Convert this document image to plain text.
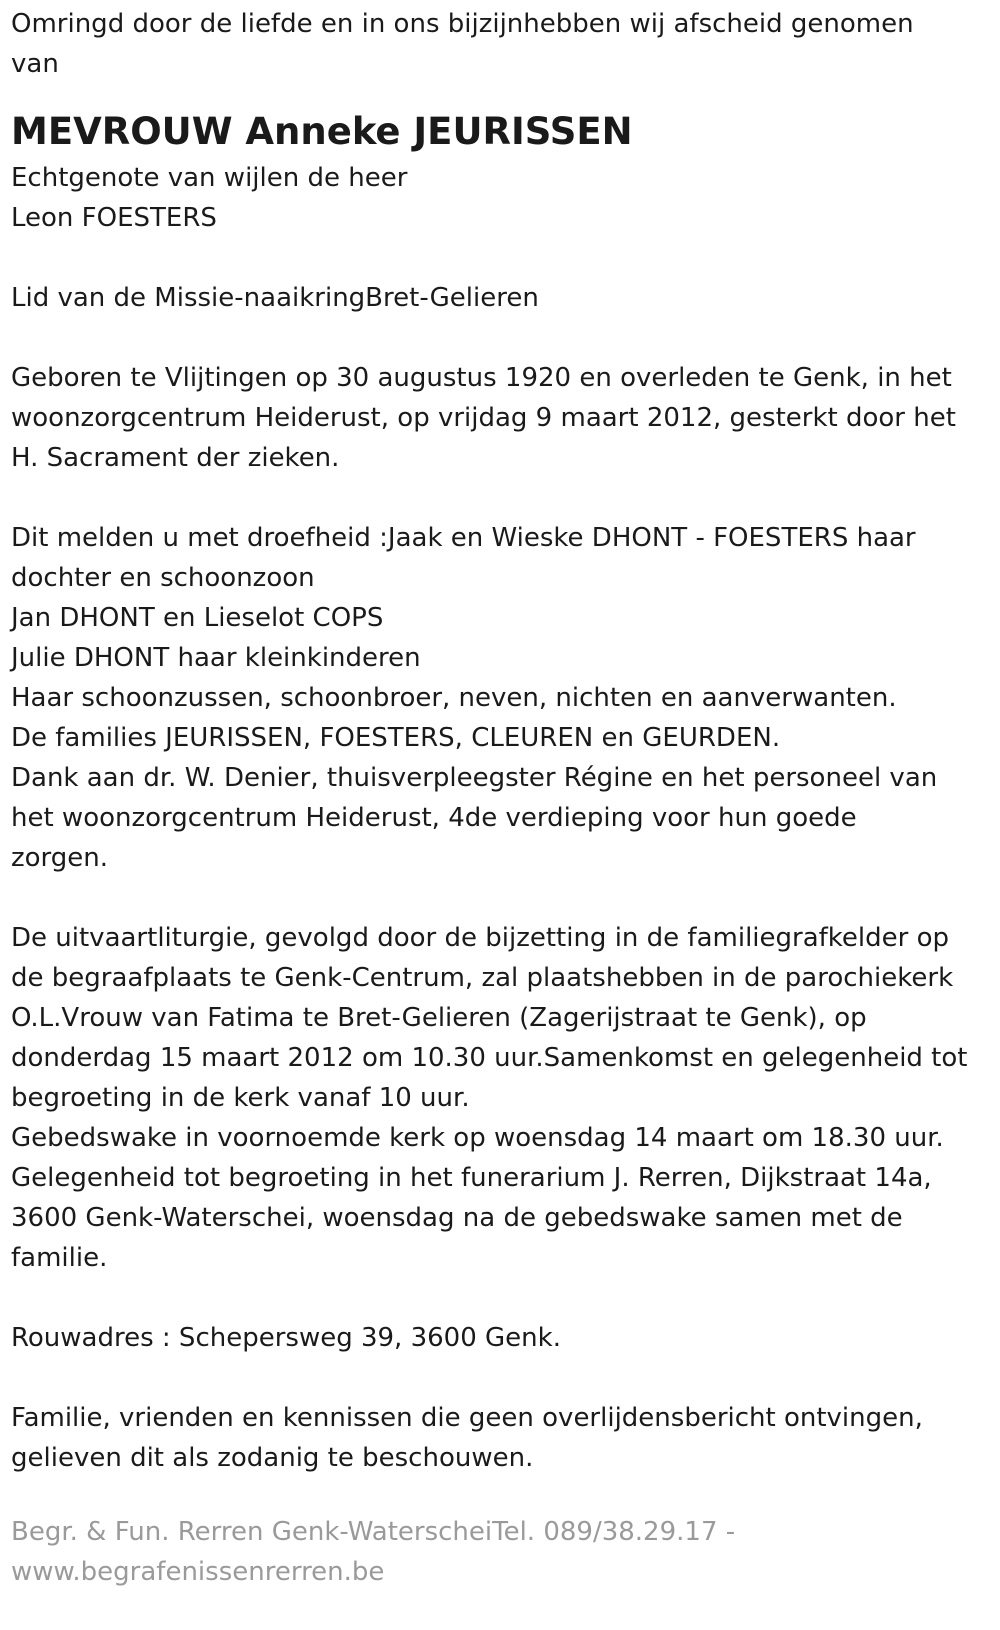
Omringd door de liefde en in ons bijzijnhebben wij afscheid genomen
van
MEVROUW Anneke JEURISSEN
Echtgenote van wijlen de heer
Leon FOESTERS
Lid van de Missie-naaikringBret-Gelieren
Geboren te Vlijtingen op 30 augustus 1920 en overleden te Genk, in het
woonzorgcentrum Heiderust, op vrijdag 9 maart 2012, gesterkt door het
H. Sacrament der zieken.
Dit melden u met droefheid :Jaak en Wieske DHONT - FOESTERS haar
dochter en schoonzoon
Jan DHONT en Lieselot COPS
Julie DHONT haar kleinkinderen
Haar schoonzussen, schoonbroer, neven, nichten en aanverwanten.
De families JEURISSEN, FOESTERS, CLEUREN en GEURDEN.
Dank aan dr. W. Denier, thuisverpleegster Régine en het personeel van
het woonzorgcentrum Heiderust, 4de verdieping voor hun goede
zorgen.
De uitvaartliturgie, gevolgd door de bijzetting in de familiegrafkelder op
de begraafplaats te Genk-Centrum, zal plaatshebben in de parochiekerk
O.L.Vrouw van Fatima te Bret-Gelieren (Zagerijstraat te Genk), op
donderdag 15 maart 2012 om 10.30 uur.Samenkomst en gelegenheid tot
begroeting in de kerk vanaf 10 uur.
Gebedswake in voornoemde kerk op woensdag 14 maart om 18.30 uur.
Gelegenheid tot begroeting in het funerarium J. Rerren, Dijkstraat 14a,
3600 Genk-Waterschei, woensdag na de gebedswake samen met de
familie.
Rouwadres : Schepersweg 39, 3600 Genk.
Familie, vrienden en kennissen die geen overlijdensbericht ontvingen,
gelieven dit als zodanig te beschouwen.
Begr. & Fun. Rerren Genk-WaterscheiTel. 089/38.29.17 -
www.begrafenissenrerren.be
